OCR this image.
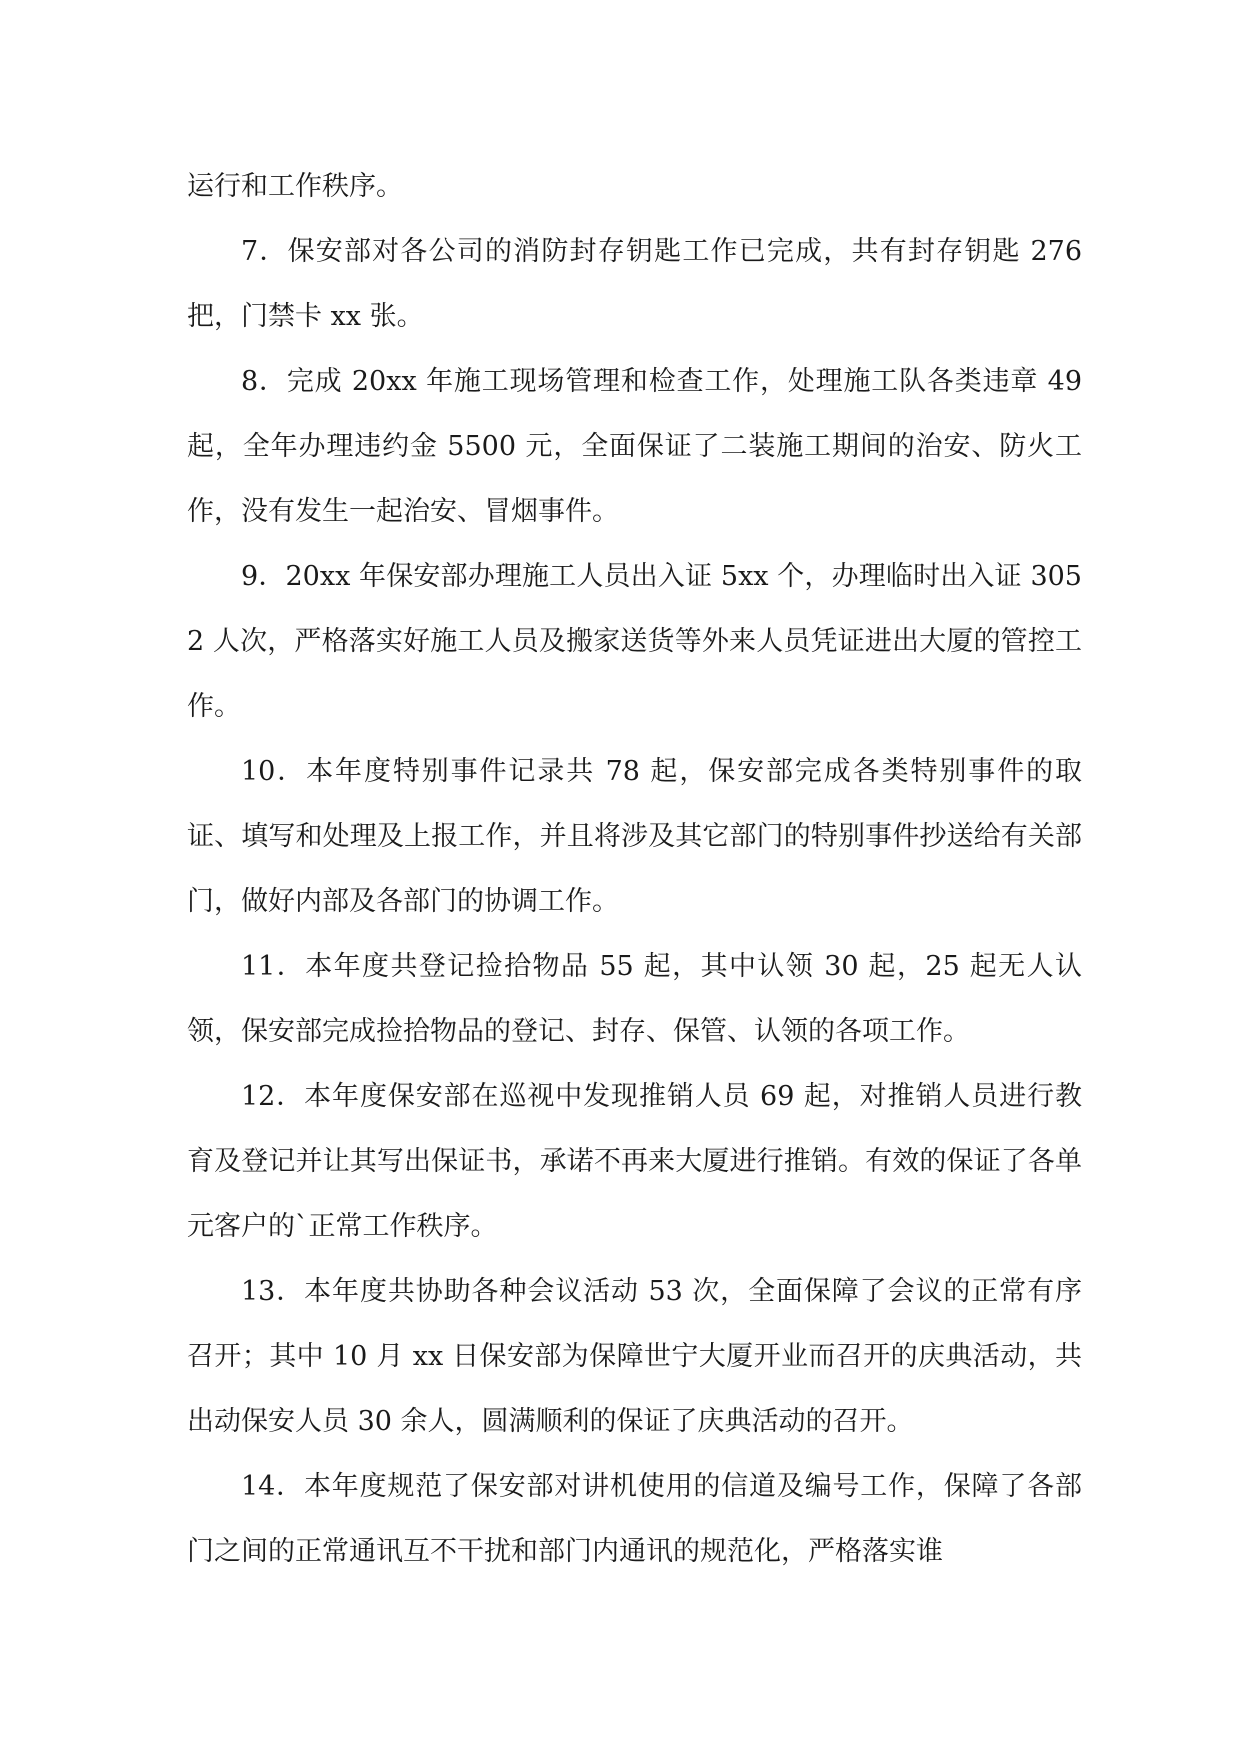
运行和工作秩序。

7．保安部对各公司的消防封存钥匙工作已完成，共有封存钥匙 276 把，门禁卡 xx 张。

8．完成 20xx 年施工现场管理和检查工作，处理施工队各类违章 49 起，全年办理违约金 5500 元，全面保证了二装施工期间的治安、防火工作，没有发生一起治安、冒烟事件。

9．20xx 年保安部办理施工人员出入证 5xx 个，办理临时出入证 3052 人次，严格落实好施工人员及搬家送货等外来人员凭证进出大厦的管控工作。

10．本年度特别事件记录共 78 起，保安部完成各类特别事件的取证、填写和处理及上报工作，并且将涉及其它部门的特别事件抄送给有关部门，做好内部及各部门的协调工作。

11．本年度共登记捡拾物品 55 起，其中认领 30 起，25 起无人认领，保安部完成捡拾物品的登记、封存、保管、认领的各项工作。

12．本年度保安部在巡视中发现推销人员 69 起，对推销人员进行教育及登记并让其写出保证书，承诺不再来大厦进行推销。有效的保证了各单元客户的`正常工作秩序。

13．本年度共协助各种会议活动 53 次，全面保障了会议的正常有序召开；其中 10 月 xx 日保安部为保障世宁大厦开业而召开的庆典活动，共出动保安人员 30 余人，圆满顺利的保证了庆典活动的召开。

14．本年度规范了保安部对讲机使用的信道及编号工作，保障了各部门之间的正常通讯互不干扰和部门内通讯的规范化，严格落实谁
